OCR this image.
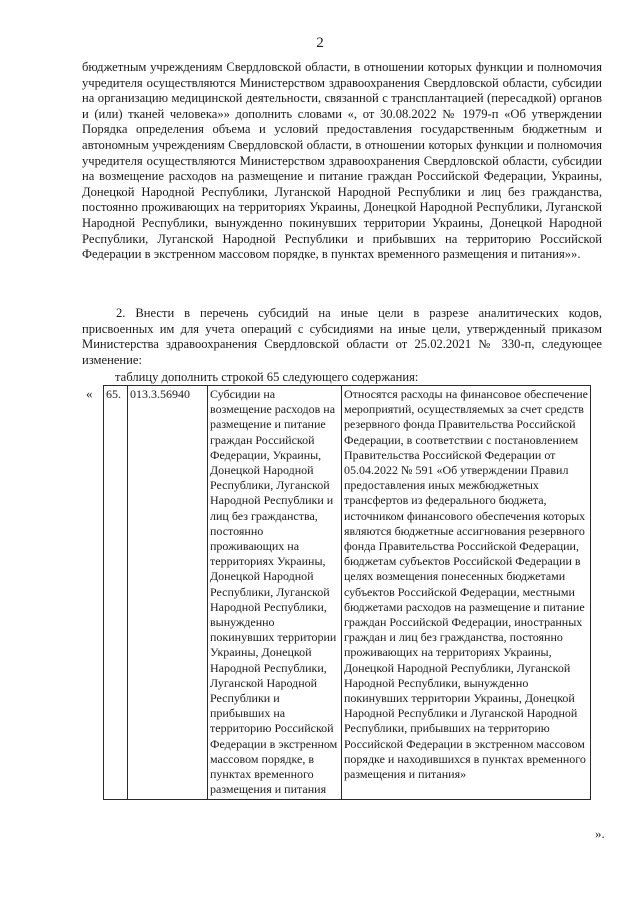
2

бюджетным учреждениям Свердловской области, в отношении которых функции и полномочия учредителя осуществляются Министерством здравоохранения Свердловской области, субсидии на организацию медицинской деятельности, связанной с трансплантацией (пересадкой) органов и (или) тканей человека»» дополнить словами «, от 30.08.2022 № 1979-п «Об утверждении Порядка определения объема и условий предоставления государственным бюджетным и автономным учреждениям Свердловской области, в отношении которых функции и полномочия учредителя осуществляются Министерством здравоохранения Свердловской области, субсидии на возмещение расходов на размещение и питание граждан Российской Федерации, Украины, Донецкой Народной Республики, Луганской Народной Республики и лиц без гражданства, постоянно проживающих на территориях Украины, Донецкой Народной Республики, Луганской Народной Республики, вынужденно покинувших территории Украины, Донецкой Народной Республики, Луганской Народной Республики и прибывших на территорию Российской Федерации в экстренном массовом порядке, в пунктах временного размещения и питания»».

2. Внести в перечень субсидий на иные цели в разрезе аналитических кодов, присвоенных им для учета операций с субсидиями на иные цели, утвержденный приказом Министерства здравоохранения Свердловской области от 25.02.2021 № 330-п, следующее изменение:

таблицу дополнить строкой 65 следующего содержания:
« 65.	013.3.56940	Субсидии на возмещение расходов на размещение и питание граждан Российской Федерации, Украины, Донецкой Народной Республики, Луганской Народной Республики и лиц без гражданства, постоянно проживающих на территориях Украины, Донецкой Народной Республики, Луганской Народной Республики, вынужденно покинувших территории Украины, Донецкой Народной Республики, Луганской Народной Республики и прибывших на территорию Российской Федерации в экстренном массовом порядке, в пунктах временного размещения и питания	Относятся расходы на финансовое обеспечение мероприятий, осуществляемых за счет средств резервного фонда Правительства Российской Федерации, в соответствии с постановлением Правительства Российской Федерации от 05.04.2022 № 591 «Об утверждении Правил предоставления иных межбюджетных трансфертов из федерального бюджета, источником финансового обеспечения которых являются бюджетные ассигнования резервного фонда Правительства Российской Федерации, бюджетам субъектов Российской Федерации в целях возмещения понесенных бюджетами субъектов Российской Федерации, местными бюджетами расходов на размещение и питание граждан Российской Федерации, иностранных граждан и лиц без гражданства, постоянно проживающих на территориях Украины, Донецкой Народной Республики, Луганской Народной Республики, вынужденно покинувших территории Украины, Донецкой Народной Республики и Луганской Народной Республики, прибывших на территорию Российской Федерации в экстренном массовом порядке и находившихся в пунктах временного размещения и питания»
».
